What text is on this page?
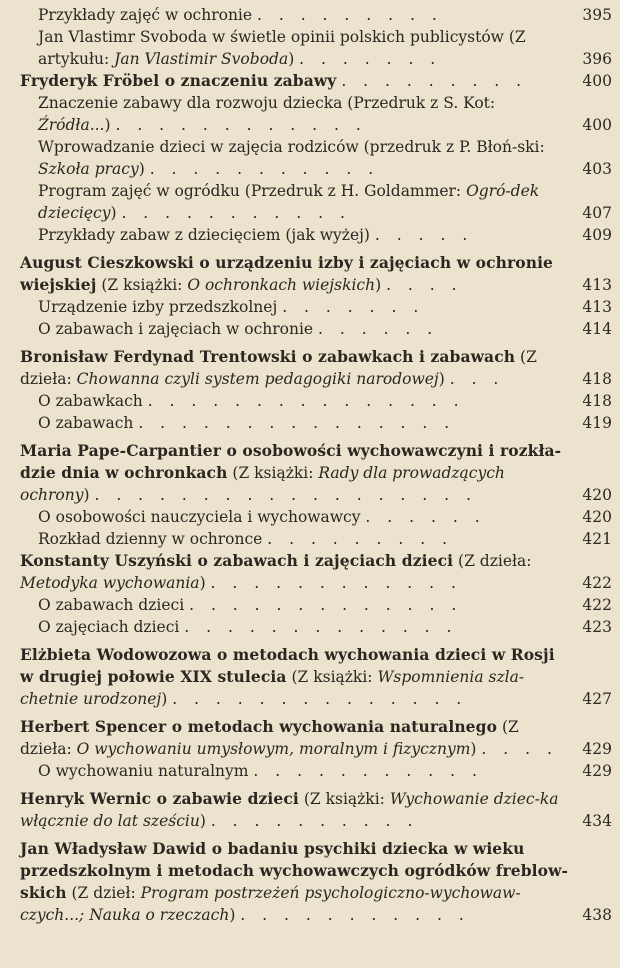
Przykłady zajęć w ochronie . . . . . . . . .	395
Jan Vlastimr Svoboda w świetle opinii polskich publicystów (Z artykułu: Jan Vlastimir Svoboda) . . . . . . .	396
Fryderyk Fröbel o znaczeniu zabawy . . . . . . . . .	400
Znaczenie zabawy dla rozwoju dziecka (Przedruk z S. Kot: Źródła...) . . . . . . . . . . . .	400
Wprowadzanie dzieci w zajęcia rodziców (przedruk z P. Błoń-ski: Szkoła pracy) . . . . . . . . . . .	403
Program zajęć w ogródku (Przedruk z H. Goldammer: Ogró-dek dziecięcy) . . . . . . . . . . .	407
Przykłady zabaw z dziecięciem (jak wyżej) . . . . .	409
August Cieszkowski o urządzeniu izby i zajęciach w ochronie wiejskiej (Z książki: O ochronkach wiejskich) . . . .	413
Urządzenie izby przedszkolnej . . . . . . .	413
O zabawach i zajęciach w ochronie . . . . . .	414
Bronisław Ferdynad Trentowski o zabawkach i zabawach (Z dzieła: Chowanna czyli system pedagogiki narodowej) . . .	418
O zabawkach . . . . . . . . . . . . . . .	418
O zabawach . . . . . . . . . . . . . . .	419
Maria Pape-Carpantier o osobowości wychowawczyni i rozkła-dzie dnia w ochronkach (Z książki: Rady dla prowadzących ochrony) . . . . . . . . . . . . . . . . . .	420
O osobowości nauczyciela i wychowawcy . . . . . .	420
Rozkład dzienny w ochronce . . . . . . . . .	421
Konstanty Uszyński o zabawach i zajęciach dzieci (Z dzieła: Metodyka wychowania) . . . . . . . . . . . .	422
O zabawach dzieci . . . . . . . . . . . . .	422
O zajęciach dzieci . . . . . . . . . . . . .	423
Elżbieta Wodowozowa o metodach wychowania dzieci w Rosji w drugiej połowie XIX stulecia (Z książki: Wspomnienia szla-chetnie urodzonej) . . . . . . . . . . . . . .	427
Herbert Spencer o metodach wychowania naturalnego (Z dzieła: O wychowaniu umysłowym, moralnym i fizycznym) . . . .	429
O wychowaniu naturalnym . . . . . . . . . . .	429
Henryk Wernic o zabawie dzieci (Z książki: Wychowanie dziec-ka włącznie do lat sześciu) . . . . . . . . . .	434
Jan Władysław Dawid o badaniu psychiki dziecka w wieku przedszkolnym i metodach wychowawczych ogródków freblow-skich (Z dzieł: Program postrzeżeń psychologiczno-wychowaw-czych...; Nauka o rzeczach) . . . . . . . . . . .	438
